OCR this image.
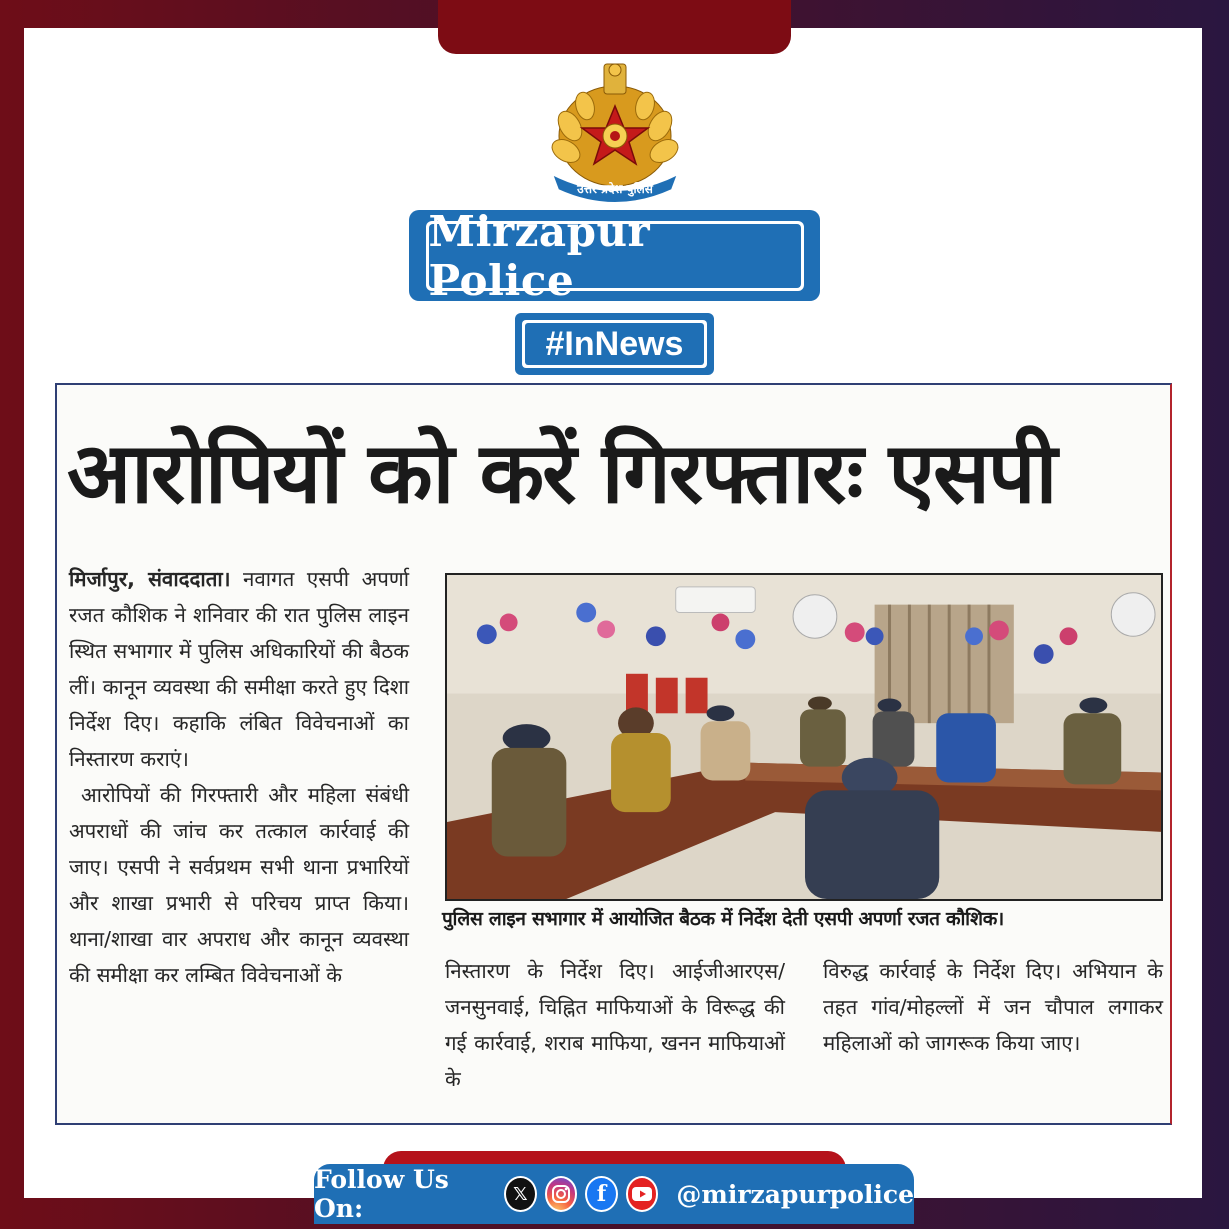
उत्तर प्रदेश पुलिस
Mirzapur Police
#InNews
आरोपियों को करें गिरफ्तारः एसपी

मिर्जापुर, संवाददाता। नवागत एसपी अपर्णा रजत कौशिक ने शनिवार की रात पुलिस लाइन स्थित सभागार में पुलिस अधिकारियों की बैठक लीं। कानून व्यवस्था की समीक्षा करते हुए दिशा निर्देश दिए। कहाकि लंबित विवेचनाओं का निस्तारण कराएं।

आरोपियों की गिरफ्तारी और महिला संबंधी अपराधों की जांच कर तत्काल कार्रवाई की जाए। एसपी ने सर्वप्रथम सभी थाना प्रभारियों और शाखा प्रभारी से परिचय प्राप्त किया। थाना/शाखा वार अपराध और कानून व्यवस्था की समीक्षा कर लम्बित विवेचनाओं के

पुलिस लाइन सभागार में आयोजित बैठक में निर्देश देती एसपी अपर्णा रजत कौशिक।
निस्तारण के निर्देश दिए। आईजीआरएस/जनसुनवाई, चिह्नित माफियाओं के विरूद्ध की गई कार्रवाई, शराब माफिया, खनन माफियाओं के
विरुद्ध कार्रवाई के निर्देश दिए। अभियान के तहत गांव/मोहल्लों में जन चौपाल लगाकर महिलाओं को जागरूक किया जाए।
Follow Us On:
𝕏	f	@mirzapurpolice
